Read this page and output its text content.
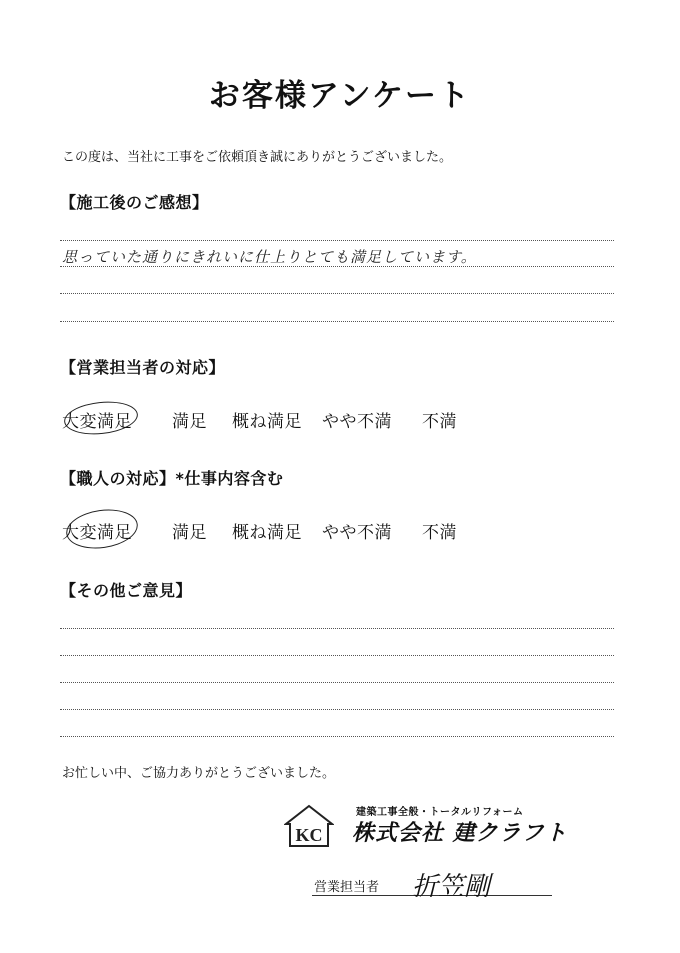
お客様アンケート
この度は、当社に工事をご依頼頂き誠にありがとうございました。
【施工後のご感想】
思っていた通りにきれいに仕上りとても満足しています。
【営業担当者の対応】
大変満足 満足 概ね満足 やや不満 不満
【職人の対応】*仕事内容含む
大変満足 満足 概ね満足 やや不満 不満
【その他ご意見】
お忙しい中、ご協力ありがとうございました。
KC
建築工事全般・トータルリフォーム
株式会社 建クラフト
営業担当者 折笠剛
